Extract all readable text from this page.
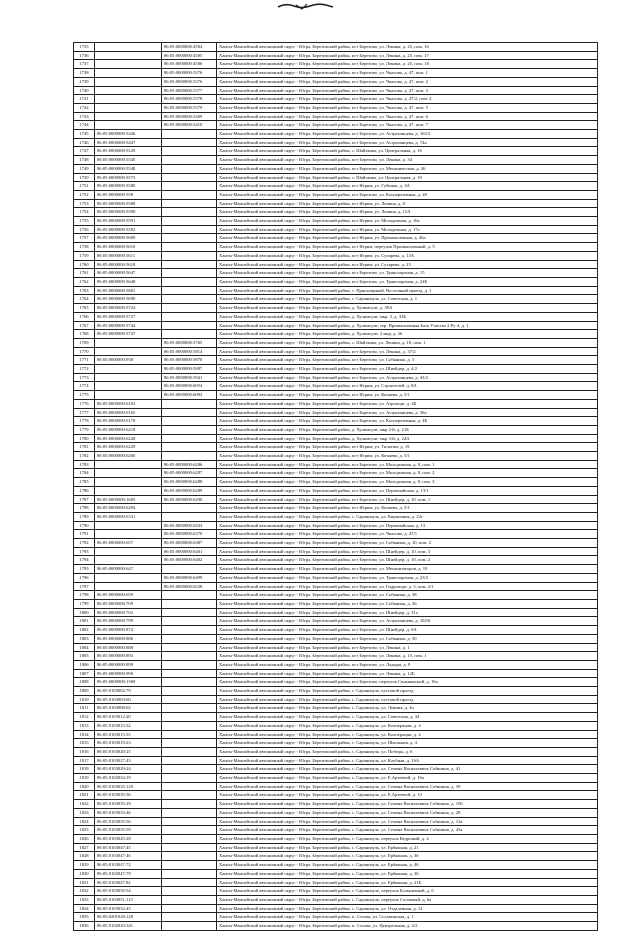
1735		86:05:0000000:4504	Ханты-Мансийский автономный округ - Югра, Березовский район, пгт Березово, ул. Ленина, д. 25, пом. 16
1736		86:05:0000000:4505	Ханты-Мансийский автономный округ - Югра, Березовский район, пгт Березово, ул. Ленина, д. 25, пом. 17
1737		86:05:0000000:4506	Ханты-Мансийский автономный округ - Югра, Березовский район, пгт Березово, ул. Ленина, д. 25, пом. 18
1738		86:05:0000000:5376	Ханты-Мансийский автономный округ - Югра, Березовский район, пгт Березово, ул. Чкалова, д. 47, пом. 1
1739		86:05:0000000:5376	Ханты-Мансийский автономный округ - Югра, Березовский район, пгт Березово, ул. Чкалова, д. 47, пом. 2
1740		86:05:0000000:5377	Ханты-Мансийский автономный округ - Югра, Березовский район, пгт Березово, ул. Чкалова, д. 47, пом. 3
1741		86:05:0000000:5378	Ханты-Мансийский автономный округ - Югра, Березовский район, пгт Березово, ул. Чкалова, д. 47/2, пом. 4
1742		86:05:0000000:5379	Ханты-Мансийский автономный округ - Югра, Березовский район, пгт Березово, ул. Чкалова, д. 47, пом. 5
1743		86:05:0000000:5409	Ханты-Мансийский автономный округ - Югра, Березовский район, пгт Березово, ул. Чкалова, д. 47, пом. 6
1744		86:05:0000000:5410	Ханты-Мансийский автономный округ - Югра, Березовский район, пгт Березово, ул. Чкалова, д. 47, пом. 7
1745	86:05:0000000:5446		Ханты-Мансийский автономный округ - Югра, Березовский район, пгт Березово, ул. Астраханцева, д. 102/2
1746	86:05:0000000:5447		Ханты-Мансийский автономный округ - Югра, Березовский район, пгт Березово, ул. Астраханцева, д. 74а
1747	86:05:0000000:5529		Ханты-Мансийский автономный округ - Югра, Березовский район, с. Шайтанка, ул. Центральная, д. 16
1748	86:05:0000000:5545		Ханты-Мансийский автономный округ - Югра, Березовский район, пгт Березово, ул. Ленина, д. 34
1749	86:05:0000000:5548		Ханты-Мансийский автономный округ - Югра, Березовский район, пгт Березово, ул. Механическая, д. 26
1750	86:05:0000000:5573		Ханты-Мансийский автономный округ - Югра, Березовский район, с. Шайтанка, ул. Центральная, д. 19
1751	86:05:0000000:5580		Ханты-Мансийский автономный округ - Югра, Березовский район, пгт Игрим, ул. Губкина, д. 4А
1752	86:05:0000000:558		Ханты-Мансийский автономный округ - Югра, Березовский район, пгт Березово, ул. Кооперативная, д. 28
1753	86:05:0000000:5588		Ханты-Мансийский автономный округ - Югра, Березовский район, пгт Игрим, ул. Ленина, д. 8
1754	86:05:0000000:5590		Ханты-Мансийский автономный округ - Югра, Березовский район, пгт Игрим, ул. Ленина, д. 15А
1755	86:05:0000000:5591		Ханты-Мансийский автономный округ - Югра, Березовский район, пгт Игрим, ул. Молодежная, д. 16а
1756	86:05:0000000:5592		Ханты-Мансийский автономный округ - Югра, Березовский район, пгт Игрим, ул. Молодежная, д. 17а
1757	86:05:0000000:5609		Ханты-Мансийский автономный округ - Югра, Березовский район, пгт Игрим, ул. Промышленная, д. 46а
1758	86:05:0000000:5610		Ханты-Мансийский автономный округ - Югра, Березовский район, пгт Игрим, переулок Промышленный, д. 5
1759	86:05:0000000:5611		Ханты-Мансийский автономный округ - Югра, Березовский район, пгт Игрим, ул. Сухарева, д. 13А
1760	86:05:0000000:5618		Ханты-Мансийский автономный округ - Югра, Березовский район, пгт Игрим, ул. Сухарева, д. 23
1761	86:05:0000000:5647		Ханты-Мансийский автономный округ - Югра, Березовский район, пгт Березово, ул. Транспортная, д. 15
1762	86:05:0000000:5648		Ханты-Мансийский автономный округ - Югра, Березовский район, пгт Березово, ул. Транспортная, д. 24Б
1763	86:05:0000000:5681		Ханты-Мансийский автономный округ - Югра, Березовский район, с. Приполярный, Восточный проезд, д. 1
1764	86:05:0000000:5690		Ханты-Мансийский автономный округ - Югра, Березовский район, с. Саранпауль, ул. Советская, д. 1
1765	86:05:0000000:5724		Ханты-Мансийский автономный округ - Югра, Березовский район, д. Хулимсунт, д. 39А
1766	86:05:0000000:5727		Ханты-Мансийский автономный округ - Югра, Березовский район, д. Хулимсунт, мкр. 3, д. 33Б
1767	86:05:0000000:5744		Ханты-Мансийский автономный округ - Югра, Березовский район, д. Хулимсунт, тер. Промышленная База Участка 2 Ру-4, д. 1
1768	86:05:0000000:5747		Ханты-Мансийский автономный округ - Югра, Березовский район, д. Хулимсунт, 2 мкр, д. 26
1769		86:05:0000000:5765	Ханты-Мансийский автономный округ - Югра, Березовский район, с. Шайтанка, ул. Ленина, д. 10, пом. 1
1770		86:05:0000000:5814	Ханты-Мансийский автономный округ - Югра, Березовский район, пгт Березово, ул. Ленина, д. 37/2
1771	86:05:0000000:938	86:05:0000000:5870	Ханты-Мансийский автономный округ - Югра, Березовский район, пгт Березово, ул. Собянина, д. 5
1772		86:05:0000000:5887	Ханты-Мансийский автономный округ - Югра, Березовский район, пгт Березово, ул. Шнейдер, д. 4/2
1773		86:05:0000000:5941	Ханты-Мансийский автономный округ - Югра, Березовский район, пгт Березово, ул. Астраханцева, д. 43/2
1774		86:05:0000000:6054	Ханты-Мансийский автономный округ - Югра, Березовский район, пгт Игрим, ул. Строителей, д. 8А
1775		86:05:0000000:6092	Ханты-Мансийский автономный округ - Югра, Березовский район, пгт Игрим, ул. Кочнева, д. 5/1
1776	86:05:0000000:6163		Ханты-Мансийский автономный округ - Югра, Березовский район, пгт Березово, ул. Аэропорт, д. 4Б
1777	86:05:0000000:6165		Ханты-Мансийский автономный округ - Югра, Березовский район, пгт Березово, ул. Астраханцева, д. 36а
1778	86:05:0000000:6170		Ханты-Мансийский автономный округ - Югра, Березовский район, пгт Березово, ул. Кооперативная, д. 4Б
1779	86:05:0000000:6218		Ханты-Мансийский автономный округ - Югра, Березовский район, д. Хулимсунт, мкр 2-й, д. 21Б
1780	86:05:0000000:6228		Ханты-Мансийский автономный округ - Югра, Березовский район, д. Хулимсунт, мкр 3-й, д. 24А
1781	86:05:0000000:6229		Ханты-Мансийский автономный округ - Югра, Березовский район, пгт Игрим, ул. Тильтим, д. 19
1782	86:05:0000000:6260		Ханты-Мансийский автономный округ - Югра, Березовский район, пгт Игрим, ул. Кочнева, д. 5/1
1783		86:05:0000000:6286	Ханты-Мансийский автономный округ - Югра, Березовский район, пгт Березово, ул. Молодежная, д. 8, пом. 1
1784		86:05:0000000:6287	Ханты-Мансийский автономный округ - Югра, Березовский район, пгт Березово, ул. Молодежная, д. 8, пом. 2
1785		86:05:0000000:6288	Ханты-Мансийский автономный округ - Югра, Березовский район, пгт Березово, ул. Молодежная, д. 8, пом. 3
1786		86:05:0000000:6289	Ханты-Мансийский автономный округ - Югра, Березовский район, пгт Березово, ул. Первомайская, д. 13/1
1787	86:05:0000000:1605	86:05:0000000:6290	Ханты-Мансийский автономный округ - Югра, Березовский район, пгт Березово, ул. Шнейдер, д. 10, пом. 1
1788	86:05:0000000:6294		Ханты-Мансийский автономный округ - Югра, Березовский район, пгт Игрим, ул. Кочнева, д. 5/1
1789	86:05:0000000:6331		Ханты-Мансийский автономный округ - Югра, Березовский район, с. Саранпауль, ул. Кирпичная, д. 22г
1790		86:05:0000000:6333	Ханты-Мансийский автономный округ - Югра, Березовский район, пгт Березово, ул. Первомайская, д. 13
1791		86:05:0000000:6370	Ханты-Мансийский автономный округ - Югра, Березовский район, пгт Березово, ул. Чкалова, д. 47/1
1792	86:05:0000000:657	86:05:0000000:6387	Ханты-Мансийский автономный округ - Югра, Березовский район, пгт Березово, ул. Собянина, д. 10, пом. 2
1793		86:05:0000000:6401	Ханты-Мансийский автономный округ - Югра, Березовский район, пгт Березово, ул. Шнейдер, д. 10, пом. 3
1794		86:05:0000000:6402	Ханты-Мансийский автономный округ - Югра, Березовский район, пгт Березово, ул. Шнейдер, д. 10, пом. 2
1795	86:05:0000000:647		Ханты-Мансийский автономный округ - Югра, Березовский район, пгт Березово, ул. Механизаторов, д. 10
1796		86:05:0000000:6499	Ханты-Мансийский автономный округ - Югра, Березовский район, пгт Березово, ул. Транспортная, д. 23/2
1797		86:05:0000000:6528	Ханты-Мансийский автономный округ - Югра, Березовский район, пгт Березово, ул. Гидропорт, д. 5, пом. 2/1
1798	86:05:0000000:659		Ханты-Мансийский автономный округ - Югра, Березовский район, пгт Березово, ул. Собянина, д. 38
1799	86:05:0000000:709		Ханты-Мансийский автономный округ - Югра, Березовский район, пгт Березово, ул. Собянина, д. 26
1800	86:05:0000000:763		Ханты-Мансийский автономный округ - Югра, Березовский район, пгт Березово, ул. Шнейдер, д. 31а
1801	86:05:0000000:799		Ханты-Мансийский автономный округ - Югра, Березовский район, пгт Березово, ул. Астраханцева, д. 102/6
1802	86:05:0000000:874		Ханты-Мансийский автономный округ - Югра, Березовский район, пгт Березово, ул. Шнейдер, д. 6А
1803	86:05:0000000:886		Ханты-Мансийский автономный округ - Югра, Березовский район, пгт Березово, ул. Собянина, д. 50
1804	86:05:0000000:888		Ханты-Мансийский автономный округ - Югра, Березовский район, пгт Березово, ул. Ленина, д. 1
1805	86:05:0000000:893		Ханты-Мансийский автономный округ - Югра, Березовский район, пгт Березово, ул. Ленина, д. 15, пом. 1
1806	86:05:0000000:899		Ханты-Мансийский автономный округ - Югра, Березовский район, пгт Березово, ул. Лодыря, д. 9
1807	86:05:0000000:990		Ханты-Мансийский автономный округ - Югра, Березовский район, пгт Березово, ул. Ленина, д. 12Б
1808	86:05:0000000:1369		Ханты-Мансийский автономный округ - Югра, Березовский район, пгт Березово, переулок Сенькинский, д. 16а
1809	86:05:0103002:79		Ханты-Мансийский автономный округ - Югра, Березовский район, с. Саранпауль, пустовой проезд
1810	86:05:0103003:60		Ханты-Мансийский автономный округ - Югра, Березовский район, с. Саранпауль, пустовой проезд
1811	86:05:0103008:62		Ханты-Мансийский автономный округ - Югра, Березовский район, с. Саранпауль, ул. Ленина, д. 4а
1812	86:05:0103012:20		Ханты-Мансийский автономный округ - Югра, Березовский район, с. Саранпауль, ул. Советская, д. 34
1813	86:05:0103015:32		Ханты-Мансийский автономный округ - Югра, Березовский район, с. Саранпауль, ул. Кооперации, д. 4
1814	86:05:0103015:35		Ханты-Мансийский автономный округ - Югра, Березовский район, с. Саранпауль, ул. Кооперации, д. 4
1815	86:05:0103019:23		Ханты-Мансийский автономный округ - Югра, Березовский район, с. Саранпауль, ул. Школьная, д. 4
1816	86:05:0103020:25		Ханты-Мансийский автономный округ - Югра, Березовский район, с. Саранпауль, ул. Победы, д. 6
1817	86:05:0103027:43		Ханты-Мансийский автономный округ - Югра, Березовский район, с. Саранпауль, ул. Клубная, д. 16А
1818	86:05:0103029:24		Ханты-Мансийский автономный округ - Югра, Березовский район, с. Саранпауль, ул. Семена Васильевича Собянина, д. 41
1819	86:05:0103034:19		Ханты-Мансийский автономный округ - Югра, Березовский район, с. Саранпауль, ул. Е.Артеевой, д. 16а
1820	86:05:0103035:129		Ханты-Мансийский автономный округ - Югра, Березовский район, с. Саранпауль, ул. Семена Васильевича Собянина, д. 39
1821	86:05:0103035:36		Ханты-Мансийский автономный округ - Югра, Березовский район, с. Саранпауль, ул. Е.Артеевой, д. 13
1822	86:05:0103035:29		Ханты-Мансийский автономный округ - Югра, Березовский район, с. Саранпауль, ул. Семена Васильевича Собянина, д. 10б
1823	86:05:0103035:46		Ханты-Мансийский автономный округ - Югра, Березовский район, с. Саранпауль, ул. Семена Васильевича Собянина, д. 28
1824	86:05:0103035:56		Ханты-Мансийский автономный округ - Югра, Березовский район, с. Саранпауль, ул. Семена Васильевича Собянина, д. 12а
1825	86:05:0103035:59		Ханты-Мансийский автономный округ - Югра, Березовский район, с. Саранпауль, ул. Семена Васильевича Собянина, д. 45а
1826	86:05:0103045:28		Ханты-Мансийский автономный округ - Югра, Березовский район, с. Саранпауль, переулок Кедровый, д. 4
1827	86:05:0103047:45		Ханты-Мансийский автономный округ - Югра, Березовский район, с. Саранпауль, ул. Ербяжная, д. 21
1828	86:05:0103047:46		Ханты-Мансийский автономный округ - Югра, Березовский район, с. Саранпауль, ул. Ербяжная, д. 36
1829	86:05:0103047:72		Ханты-Мансийский автономный округ - Югра, Березовский район, с. Саранпауль, ул. Ербяжная, д. 46
1830	86:05:0103047:79		Ханты-Мансийский автономный округ - Югра, Березовский район, с. Саранпауль, ул. Ербяжная, д. 26
1831	86:05:0103047:82		Ханты-Мансийский автономный округ - Югра, Березовский район, с. Саранпауль, ул. Ербяжная, д. 21Б
1832	86:05:0103050:54		Ханты-Мансийский автономный округ - Югра, Березовский район, с. Саранпауль, переулок Больничный, д. 6
1833	86:05:0103051:115		Ханты-Мансийский автономный округ - Югра, Березовский район, с. Саранпауль, переулок Сосновый, д. 6а
1834	86:05:0103052:45		Ханты-Мансийский автономный округ - Югра, Березовский район, с. Саранпауль, ул. Отдаленная, д. 12
1835	86:05:0201028:128		Ханты-Мансийский автономный округ - Югра, Березовский район, п. Сосьва, ул. Сосьвинская, д. 1
1836	86:05:0102020:341		Ханты-Мансийский автономный округ - Югра, Березовский район, п. Сосьва, ул. Центральная, д. 2/2
